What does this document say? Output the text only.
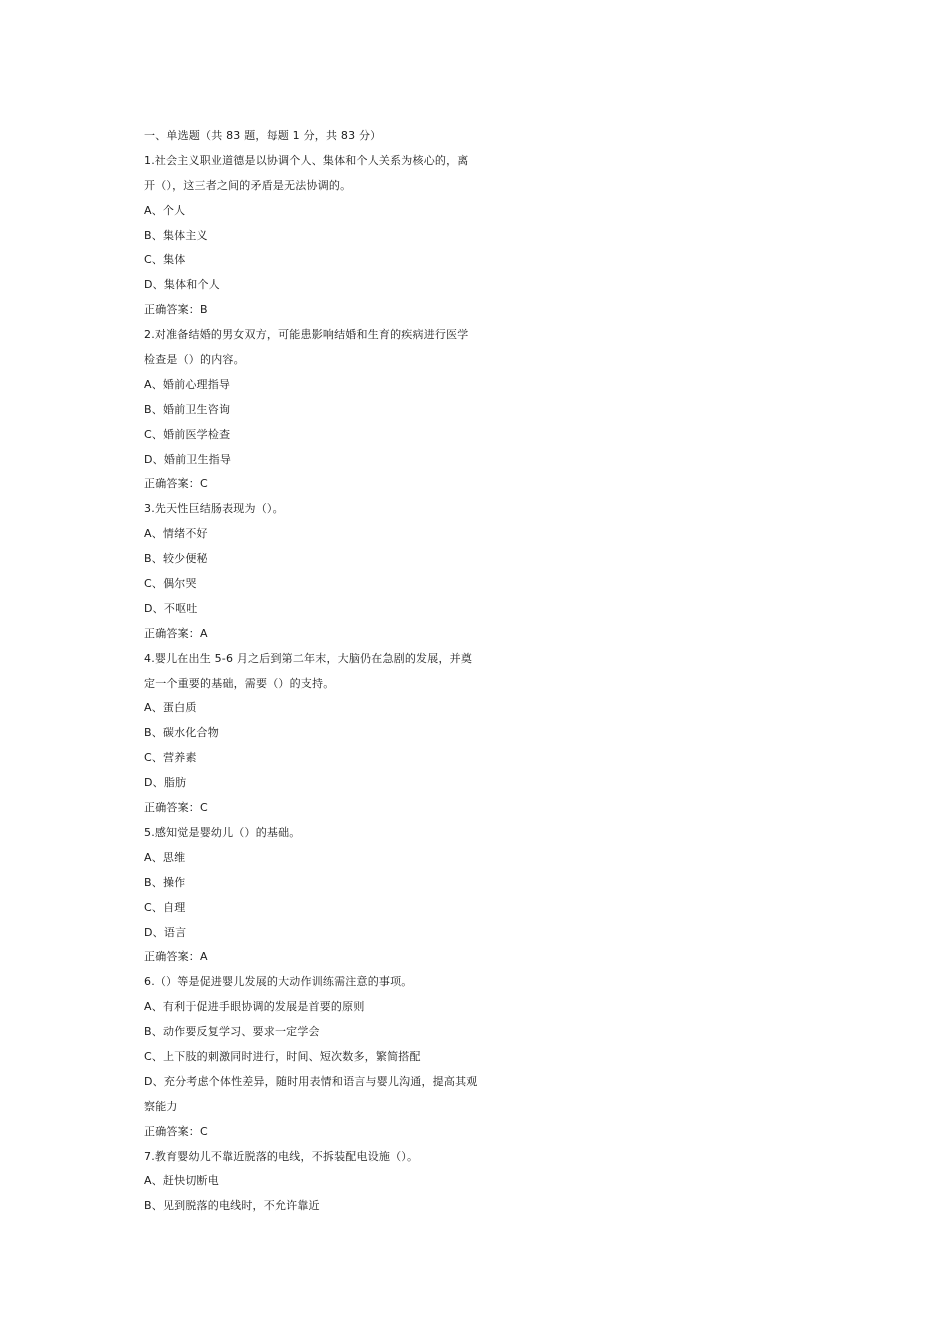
一、单选题（共 83 题，每题 1 分，共 83 分）
1.社会主义职业道德是以协调个人、集体和个人关系为核心的，离
开（），这三者之间的矛盾是无法协调的。
A、个人
B、集体主义
C、集体
D、集体和个人
正确答案：B
2.对准备结婚的男女双方，可能患影响结婚和生育的疾病进行医学
检查是（）的内容。
A、婚前心理指导
B、婚前卫生咨询
C、婚前医学检查
D、婚前卫生指导
正确答案：C
3.先天性巨结肠表现为（）。
A、情绪不好
B、较少便秘
C、偶尔哭
D、不呕吐
正确答案：A
4.婴儿在出生 5-6 月之后到第二年末，大脑仍在急剧的发展，并奠
定一个重要的基础，需要（）的支持。
A、蛋白质
B、碳水化合物
C、营养素
D、脂肪
正确答案：C
5.感知觉是婴幼儿（）的基础。
A、思维
B、操作
C、自理
D、语言
正确答案：A
6.（）等是促进婴儿发展的大动作训练需注意的事项。
A、有利于促进手眼协调的发展是首要的原则
B、动作要反复学习、要求一定学会
C、上下肢的刺激同时进行，时间、短次数多，繁简搭配
D、充分考虑个体性差异，随时用表情和语言与婴儿沟通，提高其观
察能力
正确答案：C
7.教育婴幼儿不靠近脱落的电线，不拆装配电设施（）。
A、赶快切断电
B、见到脱落的电线时，不允许靠近
